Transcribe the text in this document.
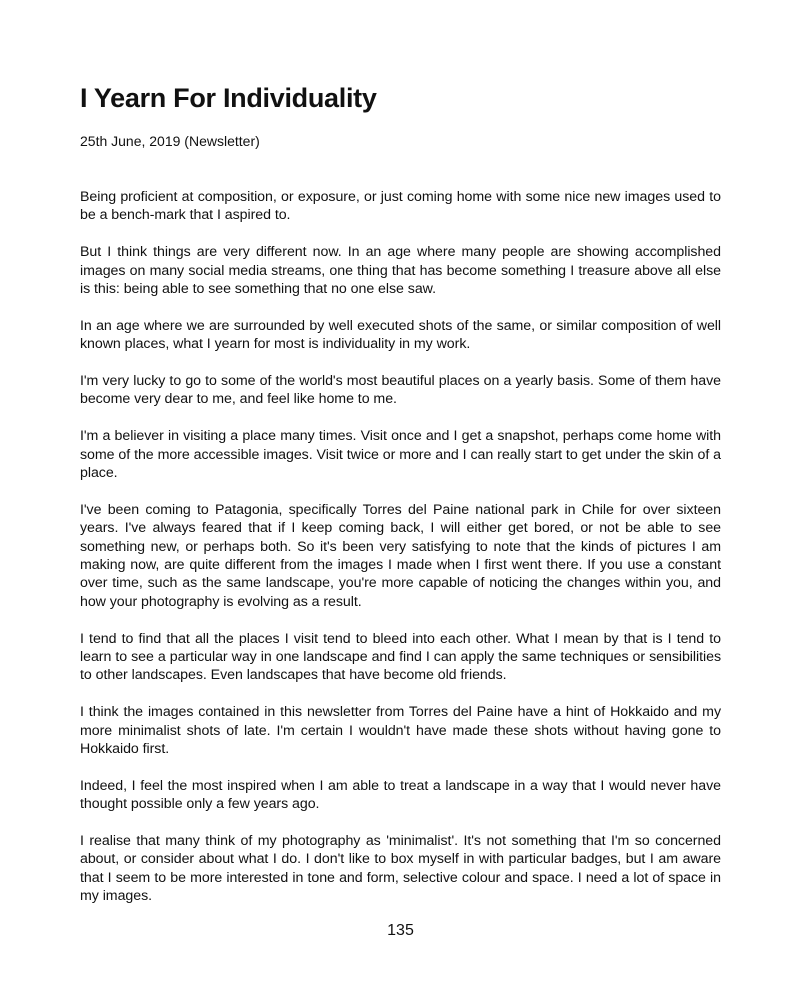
I Yearn For Individuality

25th June, 2019 (Newsletter)

Being proficient at composition, or exposure, or just coming home with some nice new images used to be a bench-mark that I aspired to.

But I think things are very different now. In an age where many people are showing accomplished images on many social media streams, one thing that has become something I treasure above all else is this: being able to see something that no one else saw.

In an age where we are surrounded by well executed shots of the same, or similar composition of well known places, what I yearn for most is individuality in my work.

I'm very lucky to go to some of the world's most beautiful places on a yearly basis. Some of them have become very dear to me, and feel like home to me.

I'm a believer in visiting a place many times. Visit once and I get a snapshot, perhaps come home with some of the more accessible images. Visit twice or more and I can really start to get under the skin of a place.

I've been coming to Patagonia, specifically Torres del Paine national park in Chile for over sixteen years. I've always feared that if I keep coming back, I will either get bored, or not be able to see something new, or perhaps both. So it's been very satisfying to note that the kinds of pictures I am making now, are quite different from the images I made when I first went there. If you use a constant over time, such as the same landscape, you're more capable of noticing the changes within you, and how your photography is evolving as a result.

I tend to find that all the places I visit tend to bleed into each other. What I mean by that is I tend to learn to see a particular way in one landscape and find I can apply the same techniques or sensibilities to other landscapes. Even landscapes that have become old friends.

I think the images contained in this newsletter from Torres del Paine have a hint of Hokkaido and my more minimalist shots of late. I'm certain I wouldn't have made these shots without having gone to Hokkaido first.

Indeed, I feel the most inspired when I am able to treat a landscape in a way that I would never have thought possible only a few years ago.

I realise that many think of my photography as 'minimalist'. It's not something that I'm so concerned about, or consider about what I do. I don't like to box myself in with particular badges, but I am aware that I seem to be more interested in tone and form, selective colour and space. I need a lot of space in my images.

135
